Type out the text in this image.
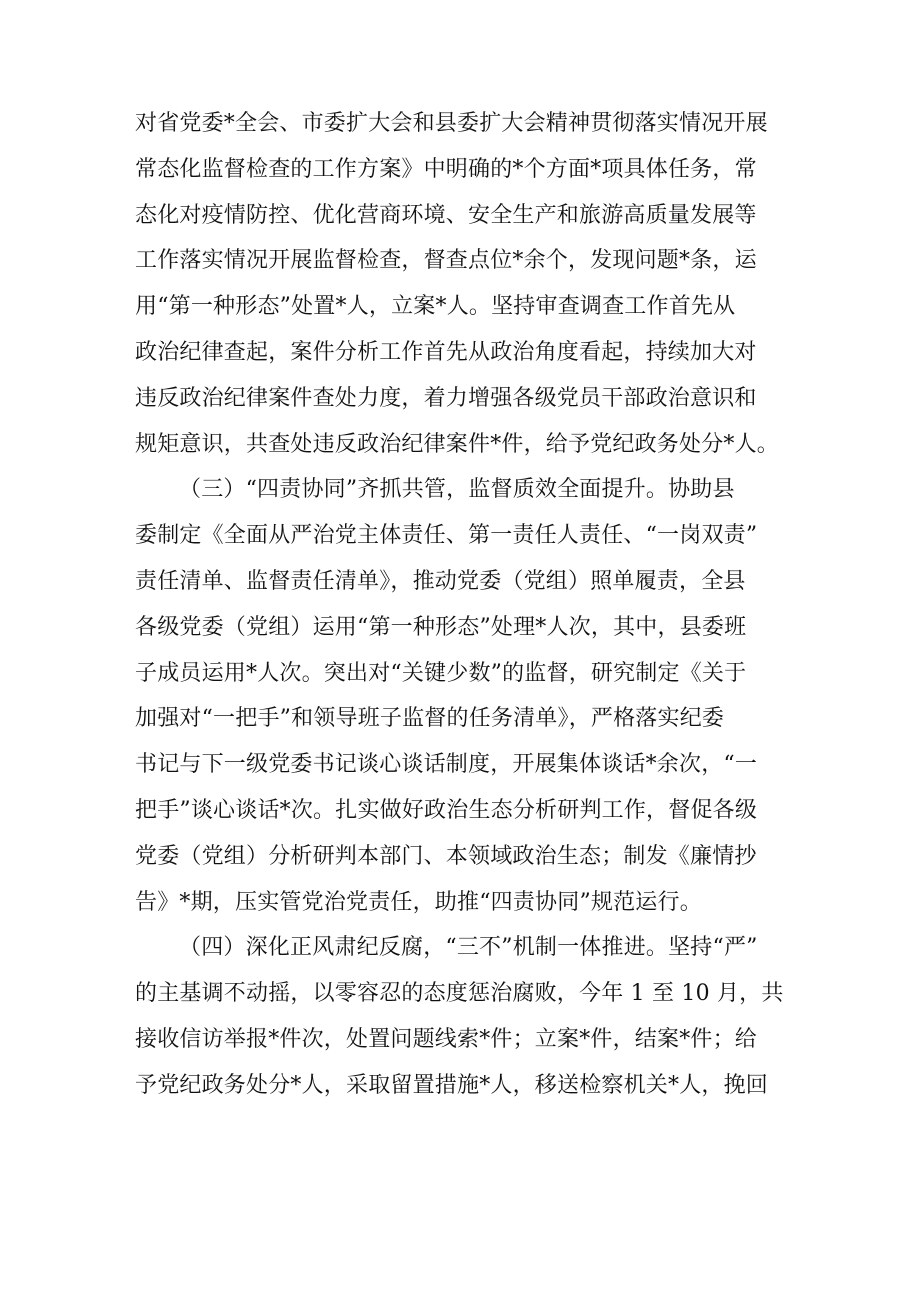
对省党委*全会、市委扩大会和县委扩大会精神贯彻落实情况开展
常态化监督检查的工作方案》中明确的*个方面*项具体任务，常
态化对疫情防控、优化营商环境、安全生产和旅游高质量发展等
工作落实情况开展监督检查，督查点位*余个，发现问题*条，运
用“第一种形态”处置*人，立案*人。坚持审查调查工作首先从
政治纪律查起，案件分析工作首先从政治角度看起，持续加大对
违反政治纪律案件查处力度，着力增强各级党员干部政治意识和
规矩意识，共查处违反政治纪律案件*件，给予党纪政务处分*人。
（三）“四责协同”齐抓共管，监督质效全面提升。协助县
委制定《全面从严治党主体责任、第一责任人责任、“一岗双责”
责任清单、监督责任清单》，推动党委（党组）照单履责，全县
各级党委（党组）运用“第一种形态”处理*人次，其中，县委班
子成员运用*人次。突出对“关键少数”的监督，研究制定《关于
加强对“一把手”和领导班子监督的任务清单》，严格落实纪委
书记与下一级党委书记谈心谈话制度，开展集体谈话*余次，“一
把手”谈心谈话*次。扎实做好政治生态分析研判工作，督促各级
党委（党组）分析研判本部门、本领域政治生态；制发《廉情抄
告》*期，压实管党治党责任，助推“四责协同”规范运行。
（四）深化正风肃纪反腐，“三不”机制一体推进。坚持“严”
的主基调不动摇，以零容忍的态度惩治腐败，今年 1 至 10 月，共
接收信访举报*件次，处置问题线索*件；立案*件，结案*件；给
予党纪政务处分*人，采取留置措施*人，移送检察机关*人，挽回
